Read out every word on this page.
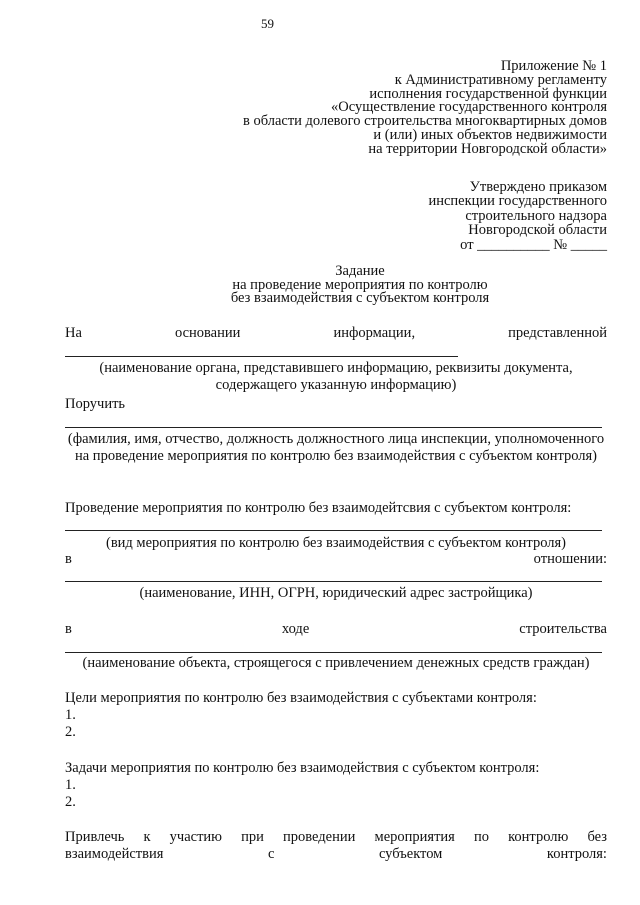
59
Приложение № 1
к Административному регламенту
исполнения государственной функции
«Осуществление государственного контроля
в области долевого строительства многоквартирных домов
и (или) иных объектов недвижимости
на территории Новгородской области»
Утверждено приказом
инспекции государственного
строительного надзора
Новгородской области
от __________ № _____
Задание
на проведение мероприятия по контролю
без взаимодействия с субъектом контроля
На	основании	информации,	представленной
(наименование органа, представившего информацию, реквизиты документа, содержащего указанную информацию)
Поручить
(фамилия, имя, отчество, должность должностного лица инспекции, уполномоченного на проведение мероприятия по контролю без взаимодействия с субъектом контроля)
Проведение мероприятия по контролю без взаимодейтсвия с субъектом контроля:
(вид мероприятия по контролю без взаимодействия с субъектом контроля)
в	отношении:
(наименование, ИНН, ОГРН, юридический адрес застройщика)
в	ходе	строительства
(наименование объекта, строящегося с привлечением денежных средств граждан)
Цели мероприятия по контролю без взаимодействия с субъектами контроля:
1.
2.
Задачи мероприятия по контролю без взаимодействия с субъектом контроля:
1.
2.
Привлечь к участию при проведении мероприятия по контролю без
взаимодействия	с	субъектом	контроля:
